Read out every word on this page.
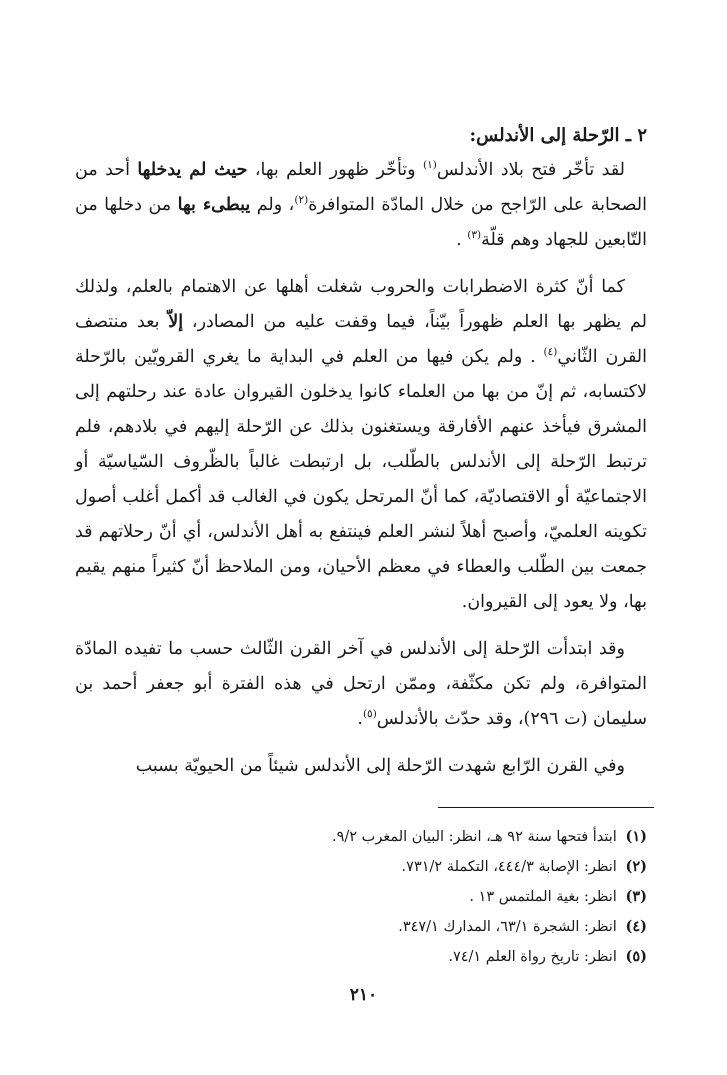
٢ ـ الرّحلة إلى الأندلس:

لقد تأخّر فتح بلاد الأندلس$^{(١)}$ وتأخّر ظهور العلم بها، حيث لم يدخلها أحد من الصحابة على الرّاجح من خلال المادّة المتوافرة$^{(٢)}$، ولم يبطىء بها من دخلها من التّابعين للجهاد وهم قلّة$^{(٣)}$ .

كما أنّ كثرة الاضطرابات والحروب شغلت أهلها عن الاهتمام بالعلم، ولذلك لم يظهر بها العلم ظهوراً بيّناً، فيما وقفت عليه من المصادر، إلاّ بعد منتصف القرن الثّاني$^{(٤)}$ . ولم يكن فيها من العلم في البداية ما يغري القرويّين بالرّحلة لاكتسابه، ثم إنّ من بها من العلماء كانوا يدخلون القيروان عادة عند رحلتهم إلى المشرق فيأخذ عنهم الأفارقة ويستغنون بذلك عن الرّحلة إليهم في بلادهم، فلم ترتبط الرّحلة إلى الأندلس بالطّلب، بل ارتبطت غالباً بالظّروف السّياسيّة أو الاجتماعيّة أو الاقتصاديّة، كما أنّ المرتحل يكون في الغالب قد أكمل أغلب أصول تكوينه العلميّ، وأصبح أهلاً لنشر العلم فينتفع به أهل الأندلس، أي أنّ رحلاتهم قد جمعت بين الطّلب والعطاء في معظم الأحيان، ومن الملاحظ أنّ كثيراً منهم يقيم بها، ولا يعود إلى القيروان.

وقد ابتدأت الرّحلة إلى الأندلس في آخر القرن الثّالث حسب ما تفيده المادّة المتوافرة، ولم تكن مكثّفة، وممّن ارتحل في هذه الفترة أبو جعفر أحمد بن سليمان (ت ٢٩٦)، وقد حدّث بالأندلس$^{(٥)}$.

وفي القرن الرّابع شهدت الرّحلة إلى الأندلس شيئاً من الحيويّة بسبب

(١) ابتدأ فتحها سنة ٩٢ هـ، انظر: البيان المغرب ٩/٢.
(٢) انظر: الإصابة ٤٤٤/٣، التكملة ٧٣١/٢.
(٣) انظر: بغية الملتمس ١٣ .
(٤) انظر: الشجرة ٦٣/١، المدارك ٣٤٧/١.
(٥) انظر: تاريخ رواة العلم ٧٤/١.
٢١٠
